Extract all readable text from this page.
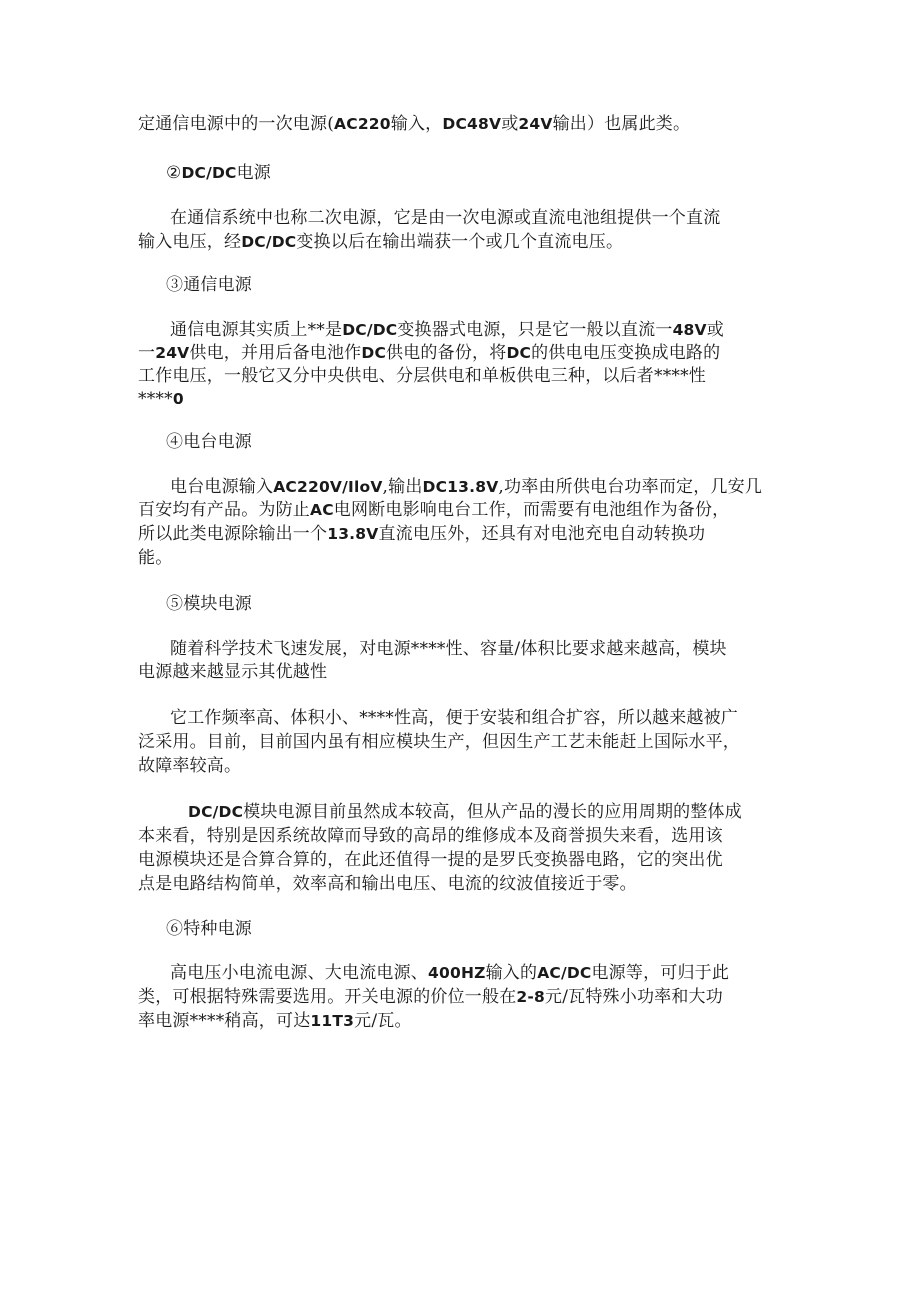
定通信电源中的一次电源(AC220输入，DC48V或24V输出）也属此类。

②DC/DC电源

在通信系统中也称二次电源，它是由一次电源或直流电池组提供一个直流

输入电压，经DC/DC变换以后在输出端获一个或几个直流电压。

③通信电源

通信电源其实质上**是DC/DC变换器式电源，只是它一般以直流一48V或

一24V供电，并用后备电池作DC供电的备份，将DC的供电电压变换成电路的

工作电压，一般它又分中央供电、分层供电和单板供电三种，以后者****性

****0

④电台电源

电台电源输入AC220V/IloV,输出DC13.8V,功率由所供电台功率而定，几安几

百安均有产品。为防止AC电网断电影响电台工作，而需要有电池组作为备份，

所以此类电源除输出一个13.8V直流电压外，还具有对电池充电自动转换功

能。

⑤模块电源

随着科学技术飞速发展，对电源****性、容量/体积比要求越来越高，模块

电源越来越显示其优越性

它工作频率高、体积小、****性高，便于安装和组合扩容，所以越来越被广

泛采用。目前，目前国内虽有相应模块生产，但因生产工艺未能赶上国际水平，

故障率较高。

DC/DC模块电源目前虽然成本较高，但从产品的漫长的应用周期的整体成

本来看，特别是因系统故障而导致的高昂的维修成本及商誉损失来看，选用该

电源模块还是合算合算的，在此还值得一提的是罗氏变换器电路，它的突出优

点是电路结构简单，效率高和输出电压、电流的纹波值接近于零。

⑥特种电源

高电压小电流电源、大电流电源、400HZ输入的AC/DC电源等，可归于此

类，可根据特殊需要选用。开关电源的价位一般在2-8元/瓦特殊小功率和大功

率电源****稍高，可达11T3元/瓦。
